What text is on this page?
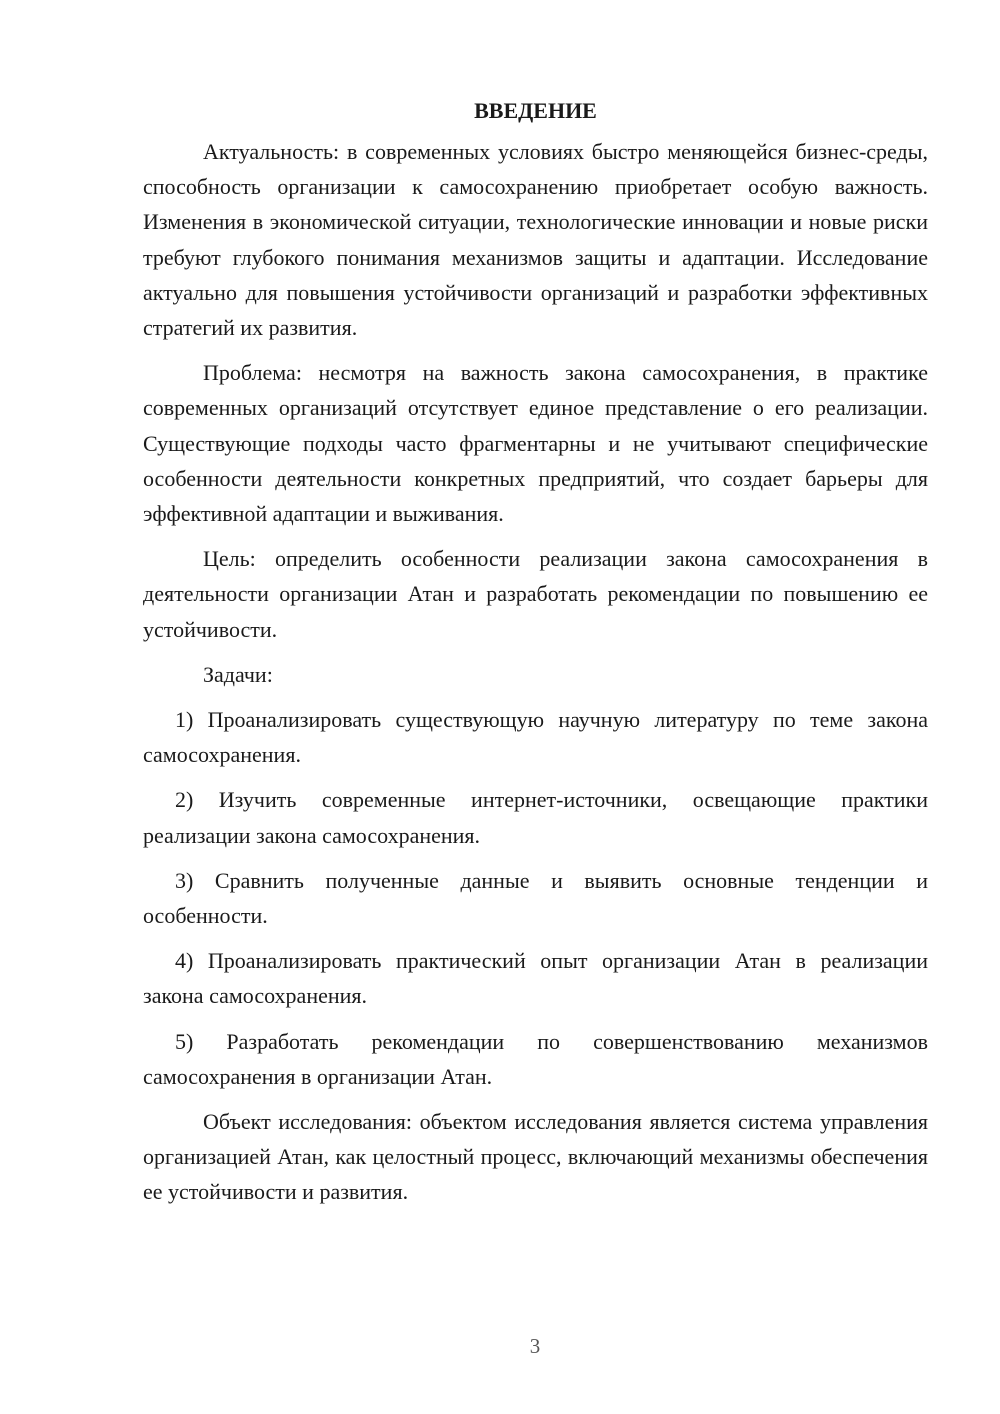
ВВЕДЕНИЕ

Актуальность: в современных условиях быстро меняющейся бизнес-среды, способность организации к самосохранению приобретает особую важность. Изменения в экономической ситуации, технологические инновации и новые риски требуют глубокого понимания механизмов защиты и адаптации. Исследование актуально для повышения устойчивости организаций и разработки эффективных стратегий их развития.

Проблема: несмотря на важность закона самосохранения, в практике современных организаций отсутствует единое представление о его реализации. Существующие подходы часто фрагментарны и не учитывают специфические особенности деятельности конкретных предприятий, что создает барьеры для эффективной адаптации и выживания.

Цель: определить особенности реализации закона самосохранения в деятельности организации Атан и разработать рекомендации по повышению ее устойчивости.

Задачи:

1) Проанализировать существующую научную литературу по теме закона самосохранения.

2) Изучить современные интернет-источники, освещающие практики реализации закона самосохранения.

3) Сравнить полученные данные и выявить основные тенденции и особенности.

4) Проанализировать практический опыт организации Атан в реализации закона самосохранения.

5) Разработать рекомендации по совершенствованию механизмов самосохранения в организации Атан.

Объект исследования: объектом исследования является система управления организацией Атан, как целостный процесс, включающий механизмы обеспечения ее устойчивости и развития.

3
